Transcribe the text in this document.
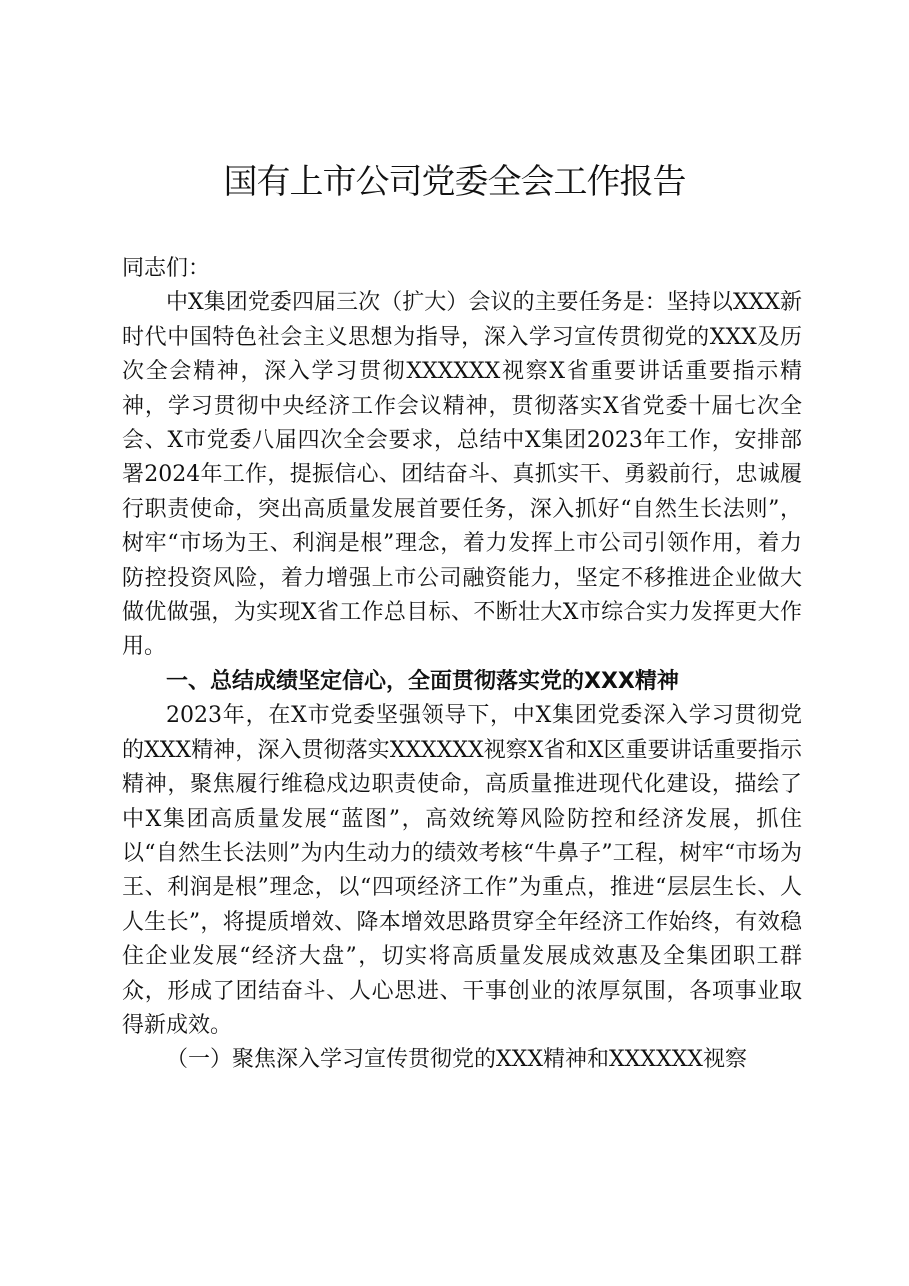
国有上市公司党委全会工作报告

同志们：

中X集团党委四届三次（扩大）会议的主要任务是：坚持以XXX新时代中国特色社会主义思想为指导，深入学习宣传贯彻党的XXX及历次全会精神，深入学习贯彻XXXXXX视察X省重要讲话重要指示精神，学习贯彻中央经济工作会议精神，贯彻落实X省党委十届七次全会、X市党委八届四次全会要求，总结中X集团2023年工作，安排部署2024年工作，提振信心、团结奋斗、真抓实干、勇毅前行，忠诚履行职责使命，突出高质量发展首要任务，深入抓好“自然生长法则”，树牢“市场为王、利润是根”理念，着力发挥上市公司引领作用，着力防控投资风险，着力增强上市公司融资能力，坚定不移推进企业做大做优做强，为实现X省工作总目标、不断壮大X市综合实力发挥更大作用。

一、总结成绩坚定信心，全面贯彻落实党的XXX精神

2023年，在X市党委坚强领导下，中X集团党委深入学习贯彻党的XXX精神，深入贯彻落实XXXXXX视察X省和X区重要讲话重要指示精神，聚焦履行维稳戍边职责使命，高质量推进现代化建设，描绘了中X集团高质量发展“蓝图”，高效统筹风险防控和经济发展，抓住以“自然生长法则”为内生动力的绩效考核“牛鼻子”工程，树牢“市场为王、利润是根”理念，以“四项经济工作”为重点，推进“层层生长、人人生长”，将提质增效、降本增效思路贯穿全年经济工作始终，有效稳住企业发展“经济大盘”，切实将高质量发展成效惠及全集团职工群众，形成了团结奋斗、人心思进、干事创业的浓厚氛围，各项事业取得新成效。

（一）聚焦深入学习宣传贯彻党的XXX精神和XXXXXX视察
